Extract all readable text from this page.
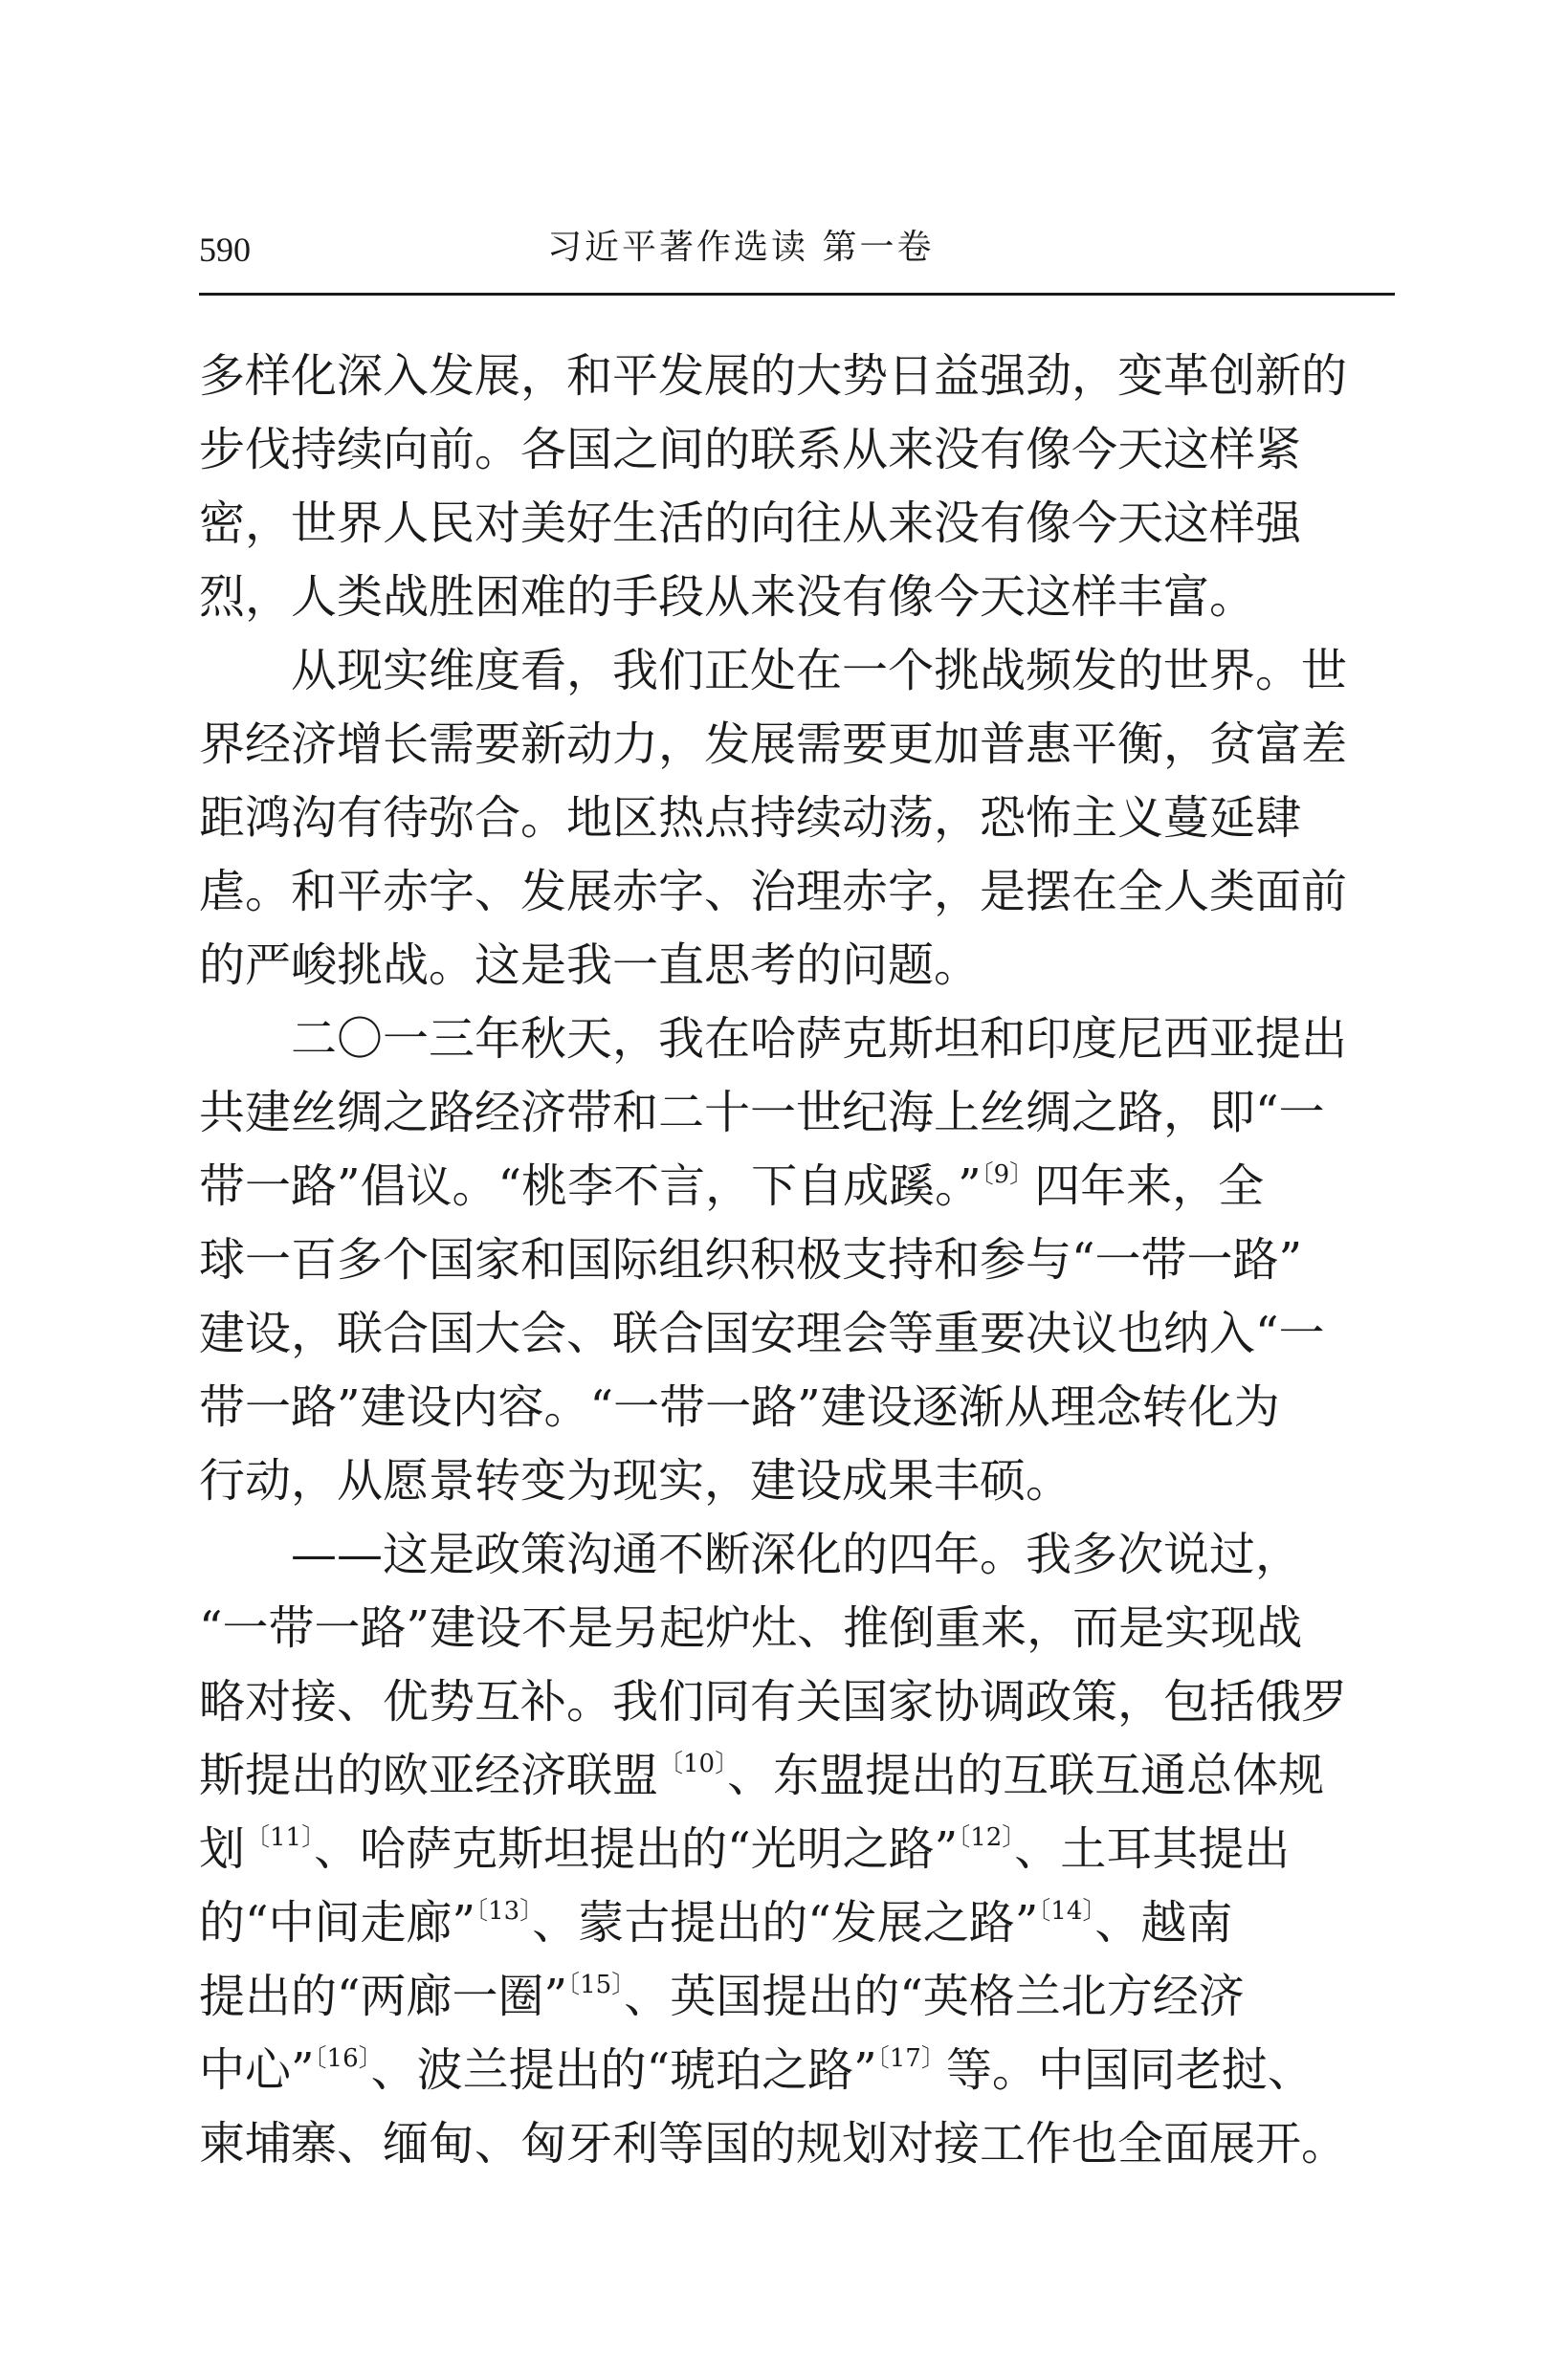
590	习近平著作选读 第一卷
多样化深入发展，和平发展的大势日益强劲，变革创新的
步伐持续向前。各国之间的联系从来没有像今天这样紧
密，世界人民对美好生活的向往从来没有像今天这样强
烈，人类战胜困难的手段从来没有像今天这样丰富。
　　从现实维度看，我们正处在一个挑战频发的世界。世
界经济增长需要新动力，发展需要更加普惠平衡，贫富差
距鸿沟有待弥合。地区热点持续动荡，恐怖主义蔓延肆
虐。和平赤字、发展赤字、治理赤字，是摆在全人类面前
的严峻挑战。这是我一直思考的问题。
　　二〇一三年秋天，我在哈萨克斯坦和印度尼西亚提出
共建丝绸之路经济带和二十一世纪海上丝绸之路，即“一
带一路”倡议。“桃李不言，下自成蹊。”$^{〔9〕}$四年来，全
球一百多个国家和国际组织积极支持和参与“一带一路”
建设，联合国大会、联合国安理会等重要决议也纳入“一
带一路”建设内容。“一带一路”建设逐渐从理念转化为
行动，从愿景转变为现实，建设成果丰硕。
　　——这是政策沟通不断深化的四年。我多次说过，
“一带一路”建设不是另起炉灶、推倒重来，而是实现战
略对接、优势互补。我们同有关国家协调政策，包括俄罗
斯提出的欧亚经济联盟$^{〔10〕}$、东盟提出的互联互通总体规
划$^{〔11〕}$、哈萨克斯坦提出的“光明之路”$^{〔12〕}$、土耳其提出
的“中间走廊”$^{〔13〕}$、蒙古提出的“发展之路”$^{〔14〕}$、越南
提出的“两廊一圈”$^{〔15〕}$、英国提出的“英格兰北方经济
中心”$^{〔16〕}$、波兰提出的“琥珀之路”$^{〔17〕}$等。中国同老挝、
柬埔寨、缅甸、匈牙利等国的规划对接工作也全面展开。
